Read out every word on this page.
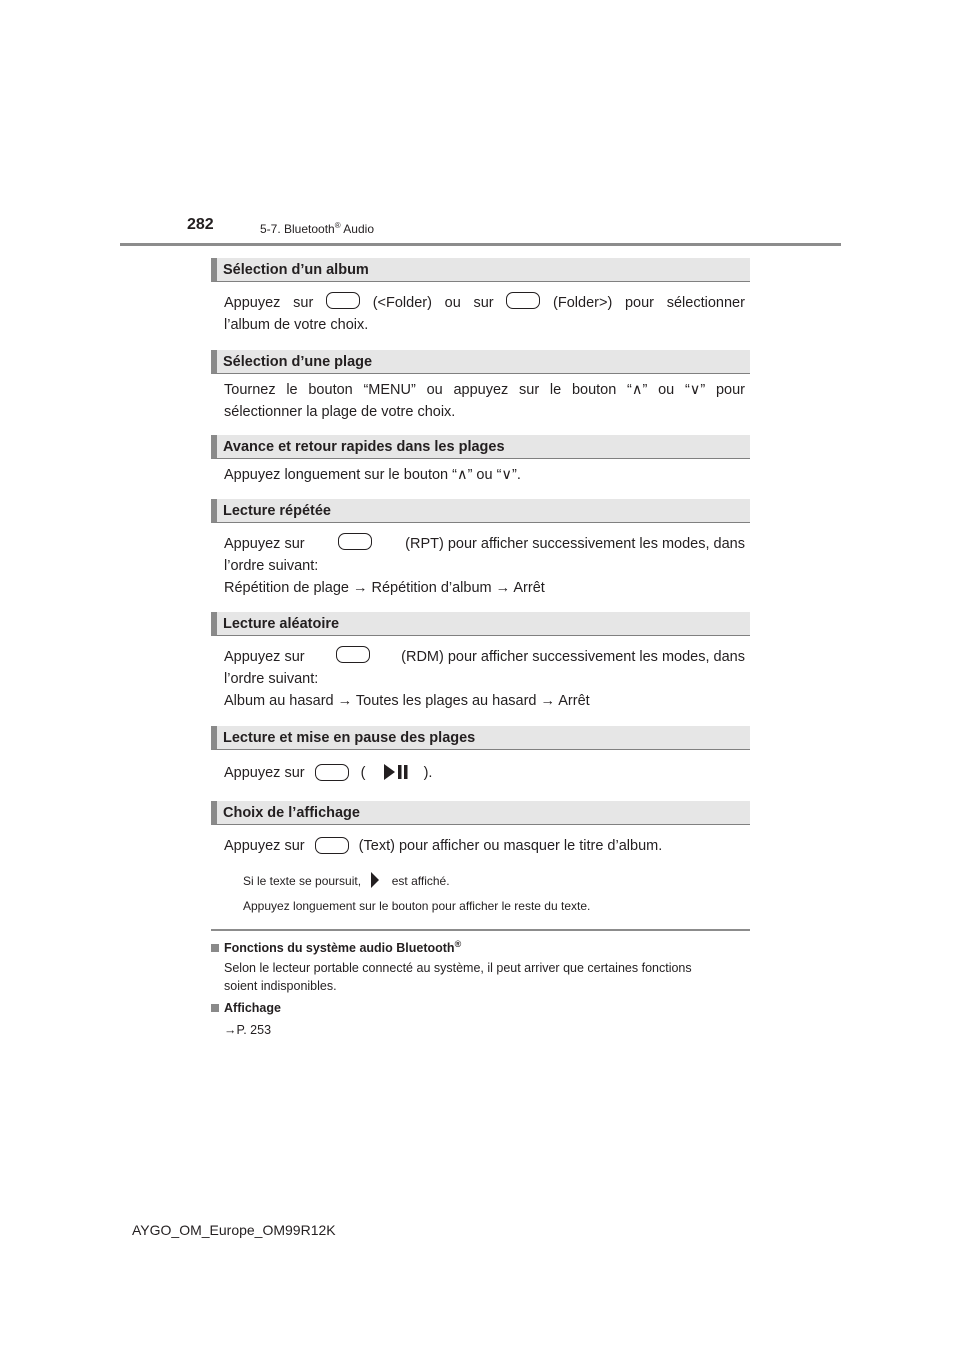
282	5-7. Bluetooth® Audio
Sélection d’un album
Appuyez sur	(<Folder) ou sur	(Folder>) pour sélectionner
l’album de votre choix.
Sélection d’une plage
Tournez le bouton “MENU” ou appuyez sur le bouton “∧” ou “∨” pour
sélectionner la plage de votre choix.
Avance et retour rapides dans les plages
Appuyez longuement sur le bouton “∧” ou “∨”.
Lecture répétée
Appuyez sur	(RPT) pour afficher successivement les modes, dans
l’ordre suivant:
Répétition de plage → Répétition d’album → Arrêt
Lecture aléatoire
Appuyez sur	(RDM) pour afficher successivement les modes, dans
l’ordre suivant:
Album au hasard → Toutes les plages au hasard → Arrêt
Lecture et mise en pause des plages
Appuyez sur	(	).
Choix de l’affichage
Appuyez sur	(Text) pour afficher ou masquer le titre d’album.
Si le texte se poursuit,	est affiché.
Appuyez longuement sur le bouton pour afficher le reste du texte.
Fonctions du système audio Bluetooth®
Selon le lecteur portable connecté au système, il peut arriver que certaines fonctions
soient indisponibles.
Affichage
→P. 253
AYGO_OM_Europe_OM99R12K
